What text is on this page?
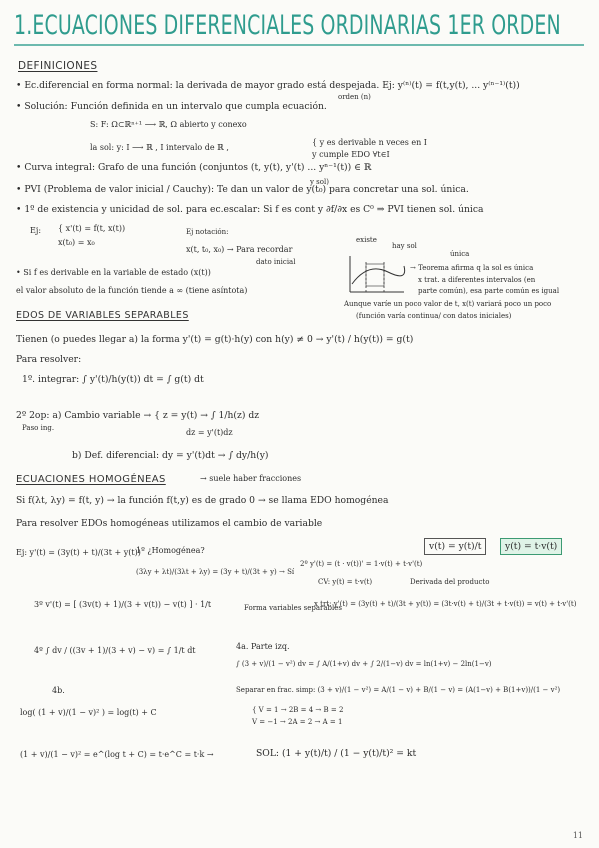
1.ECUACIONES DIFERENCIALES ORDINARIAS 1ER ORDEN
DEFINICIONES
• Ec.diferencial en forma normal: la derivada de mayor grado está despejada. Ej: y⁽ⁿ⁾(t) = f(t,y(t), ... y⁽ⁿ⁻¹⁾(t))
orden (n)
• Solución: Función definida en un intervalo que cumpla ecuación.
S: F: Ω⊂ℝⁿ⁺¹ ⟶ ℝ, Ω abierto y conexo
la sol: y: I ⟶ ℝ , I intervalo de ℝ ,
{ y es derivable n veces en I
y cumple EDO ∀t∈I
• Curva integral: Grafo de una función (conjuntos (t, y(t), y'(t) ... yⁿ⁻¹(t)) ∈ ℝ
y sol)
• PVI (Problema de valor inicial / Cauchy): Te dan un valor de y(t₀) para concretar una sol. única.
• 1º de existencia y unicidad de sol. para ec.escalar: Si f es cont y ∂f/∂x es C⁰ ⇒ PVI tienen sol. única
Ej: { x'(t) = f(t, x(t))
x(t₀) = x₀
Ej notación:
x(t, t₀, x₀) → Para recordar
dato inicial
existe
hay sol
única
→ Teorema afirma q la sol es única
x trat. a diferentes intervalos (en
parte común), esa parte común es igual
Aunque varíe un poco valor de t, x(t) variará poco un poco
(función varía continua/ con datos iniciales)
• Si f es derivable en la variable de estado (x(t))
el valor absoluto de la función tiende a ∞ (tiene asíntota)
EDOS DE VARIABLES SEPARABLES
Tienen (o puedes llegar a) la forma y'(t) = g(t)·h(y) con h(y) ≠ 0 → y'(t) / h(y(t)) = g(t)
Para resolver:
1º. integrar: ∫ y'(t)/h(y(t)) dt = ∫ g(t) dt
2º 2op: a) Cambio variable → { z = y(t) → ∫ 1/h(z) dz
dz = y'(t)dz
Paso ing.
b) Def. diferencial: dy = y'(t)dt → ∫ dy/h(y)
ECUACIONES HOMOGÉNEAS	→ suele haber fracciones
Si f(λt, λy) = f(t, y) → la función f(t,y) es de grado 0 → se llama EDO homogénea
Para resolver EDOs homogéneas utilizamos el cambio de variable
v(t) = y(t)/t	y(t) = t·v(t)
Ej: y'(t) = (3y(t) + t)/(3t + y(t))
1º ¿Homogénea?
(3λy + λt)/(3λt + λy) = (3y + t)/(3t + y) → Sí
2º y'(t) = (t · v(t))' = 1·v(t) + t·v'(t)
CV: y(t) = t·v(t)	Derivada del producto
x trt: y'(t) = (3y(t) + t)/(3t + y(t)) = (3t·v(t) + t)/(3t + t·v(t)) = v(t) + t·v'(t)
3º v'(t) = [ (3v(t) + 1)/(3 + v(t)) − v(t) ] · 1/t	Forma variables separables
4º ∫ dv / ((3v + 1)/(3 + v) − v) = ∫ 1/t dt	4a. Parte izq.
∫ (3 + v)/(1 − v²) dv = ∫ A/(1+v) dv + ∫ 2/(1−v) dv = ln(1+v) − 2ln(1−v)
Separar en frac. simp: (3 + v)/(1 − v²) = A/(1 − v) + B/(1 − v) = (A(1−v) + B(1+v))/(1 − v²)
4b.
log( (1 + v)/(1 − v)² ) = log(t) + C	{ V = 1 → 2B = 4 → B = 2
V = −1 → 2A = 2 → A = 1
(1 + v)/(1 − v)² = e^(log t + C) = t·e^C = t·k →	SOL: (1 + y(t)/t) / (1 − y(t)/t)² = kt
11
